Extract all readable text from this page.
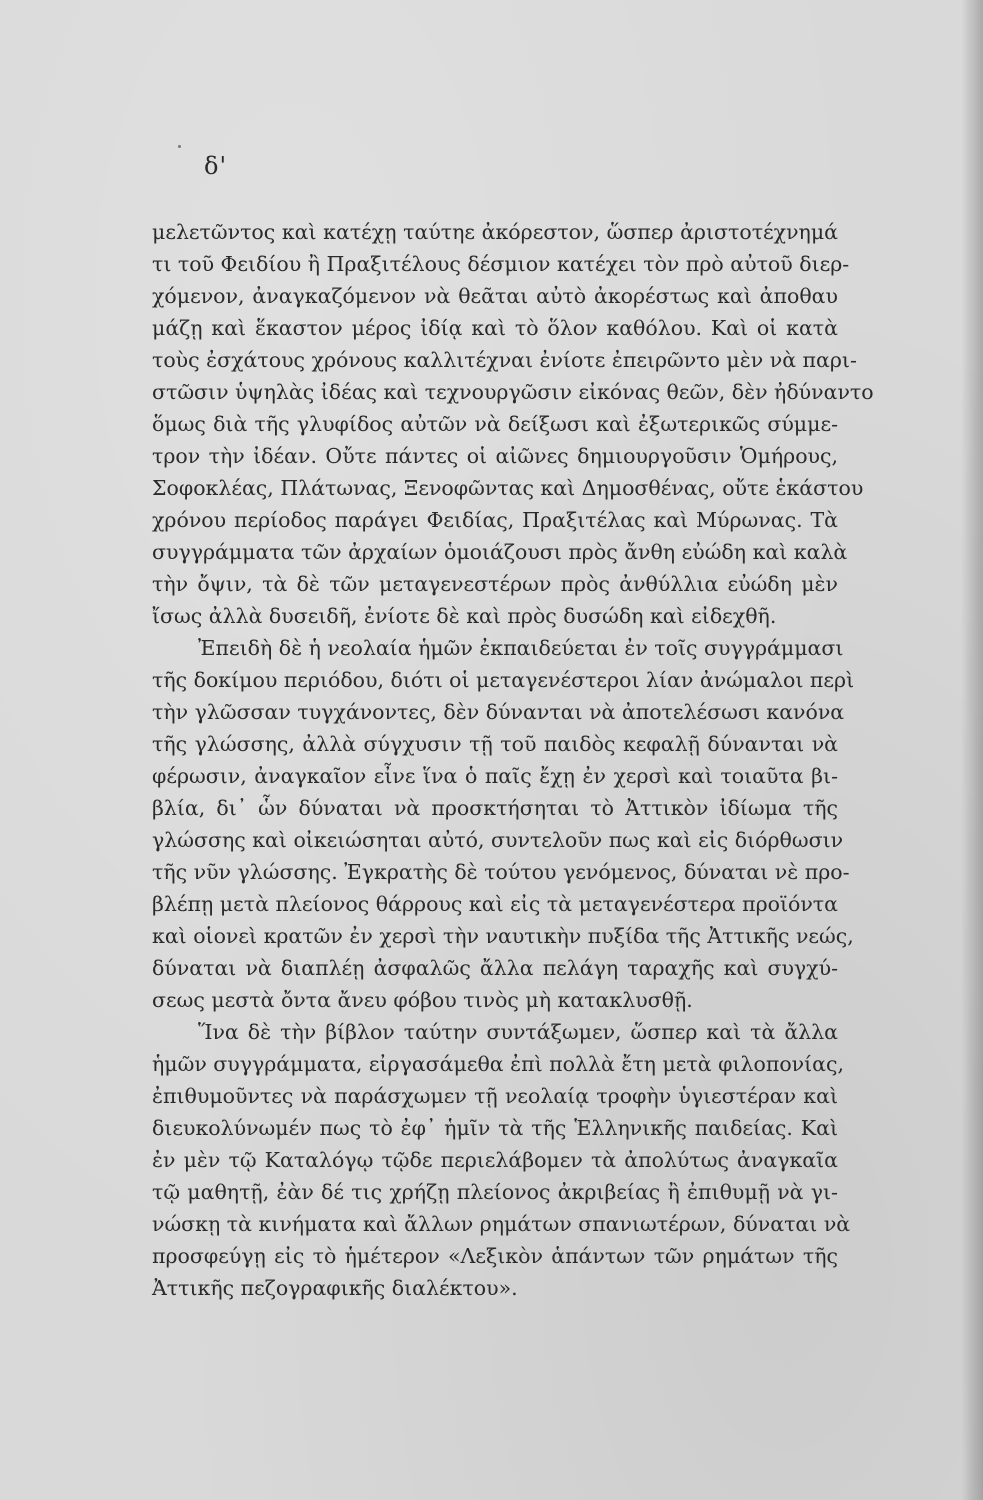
δ'
μελετῶντος καὶ κατέχῃ ταύτηε ἀκόρεστον, ὥσπερ ἀριστοτέχνημά
τι τοῦ Φειδίου ἢ Πραξιτέλους δέσμιον κατέχει τὸν πρὸ αὐτοῦ διερ-
χόμενον, ἀναγκαζόμενον νὰ θεᾶται αὐτὸ ἀκορέστως καὶ ἀποθαυ
μάζῃ καὶ ἕκαστον μέρος ἰδίᾳ καὶ τὸ ὅλον καθόλου. Καὶ οἱ κατὰ
τοὺς ἐσχάτους χρόνους καλλιτέχναι ἐνίοτε ἐπειρῶντο μὲν νὰ παρι-
στῶσιν ὑψηλὰς ἰδέας καὶ τεχνουργῶσιν εἰκόνας θεῶν, δὲν ἠδύναντο
ὅμως διὰ τῆς γλυφίδος αὐτῶν νὰ δείξωσι καὶ ἐξωτερικῶς σύμμε-
τρον τὴν ἰδέαν. Οὔτε πάντες οἱ αἰῶνες δημιουργοῦσιν Ὁμήρους,
Σοφοκλέας, Πλάτωνας, Ξενοφῶντας καὶ Δημοσθένας, οὔτε ἑκάστου
χρόνου περίοδος παράγει Φειδίας, Πραξιτέλας καὶ Μύρωνας. Τὰ
συγγράμματα τῶν ἀρχαίων ὁμοιάζουσι πρὸς ἄνθη εὐώδη καὶ καλὰ
τὴν ὄψιν, τὰ δὲ τῶν μεταγενεστέρων πρὸς ἀνθύλλια εὐώδη μὲν
ἴσως ἀλλὰ δυσειδῆ, ἐνίοτε δὲ καὶ πρὸς δυσώδη καὶ εἰδεχθῆ.
Ἐπειδὴ δὲ ἡ νεολαία ἡμῶν ἐκπαιδεύεται ἐν τοῖς συγγράμμασι
τῆς δοκίμου περιόδου, διότι οἱ μεταγενέστεροι λίαν ἀνώμαλοι περὶ
τὴν γλῶσσαν τυγχάνοντες, δὲν δύνανται νὰ ἀποτελέσωσι κανόνα
τῆς γλώσσης, ἀλλὰ σύγχυσιν τῇ τοῦ παιδὸς κεφαλῇ δύνανται νὰ
φέρωσιν, ἀναγκαῖον εἶνε ἵνα ὁ παῖς ἔχῃ ἐν χερσὶ καὶ τοιαῦτα βι-
βλία, δι᾽ ὧν δύναται νὰ προσκτήσηται τὸ Ἀττικὸν ἰδίωμα τῆς
γλώσσης καὶ οἰκειώσηται αὐτό, συντελοῦν πως καὶ εἰς διόρθωσιν
τῆς νῦν γλώσσης. Ἐγκρατὴς δὲ τούτου γενόμενος, δύναται νὲ προ-
βλέπῃ μετὰ πλείονος θάρρους καὶ εἰς τὰ μεταγενέστερα προϊόντα
καὶ οἱονεὶ κρατῶν ἐν χερσὶ τὴν ναυτικὴν πυξίδα τῆς Ἀττικῆς νεώς,
δύναται νὰ διαπλέῃ ἀσφαλῶς ἄλλα πελάγη ταραχῆς καὶ συγχύ-
σεως μεστὰ ὄντα ἄνευ φόβου τινὸς μὴ κατακλυσθῇ.
Ἵνα δὲ τὴν βίβλον ταύτην συντάξωμεν, ὥσπερ καὶ τὰ ἄλλα
ἡμῶν συγγράμματα, εἰργασάμεθα ἐπὶ πολλὰ ἔτη μετὰ φιλοπονίας,
ἐπιθυμοῦντες νὰ παράσχωμεν τῇ νεολαίᾳ τροφὴν ὑγιεστέραν καὶ
διευκολύνωμέν πως τὸ ἐφ᾽ ἡμῖν τὰ τῆς Ἑλληνικῆς παιδείας. Καὶ
ἐν μὲν τῷ Καταλόγῳ τῷδε περιελάβομεν τὰ ἀπολύτως ἀναγκαῖα
τῷ μαθητῇ, ἐὰν δέ τις χρήζῃ πλείονος ἀκριβείας ἢ ἐπιθυμῇ νὰ γι-
νώσκῃ τὰ κινήματα καὶ ἄλλων ρημάτων σπανιωτέρων, δύναται νὰ
προσφεύγῃ εἰς τὸ ἡμέτερον «Λεξικὸν ἁπάντων τῶν ρημάτων τῆς
Ἀττικῆς πεζογραφικῆς διαλέκτου».
